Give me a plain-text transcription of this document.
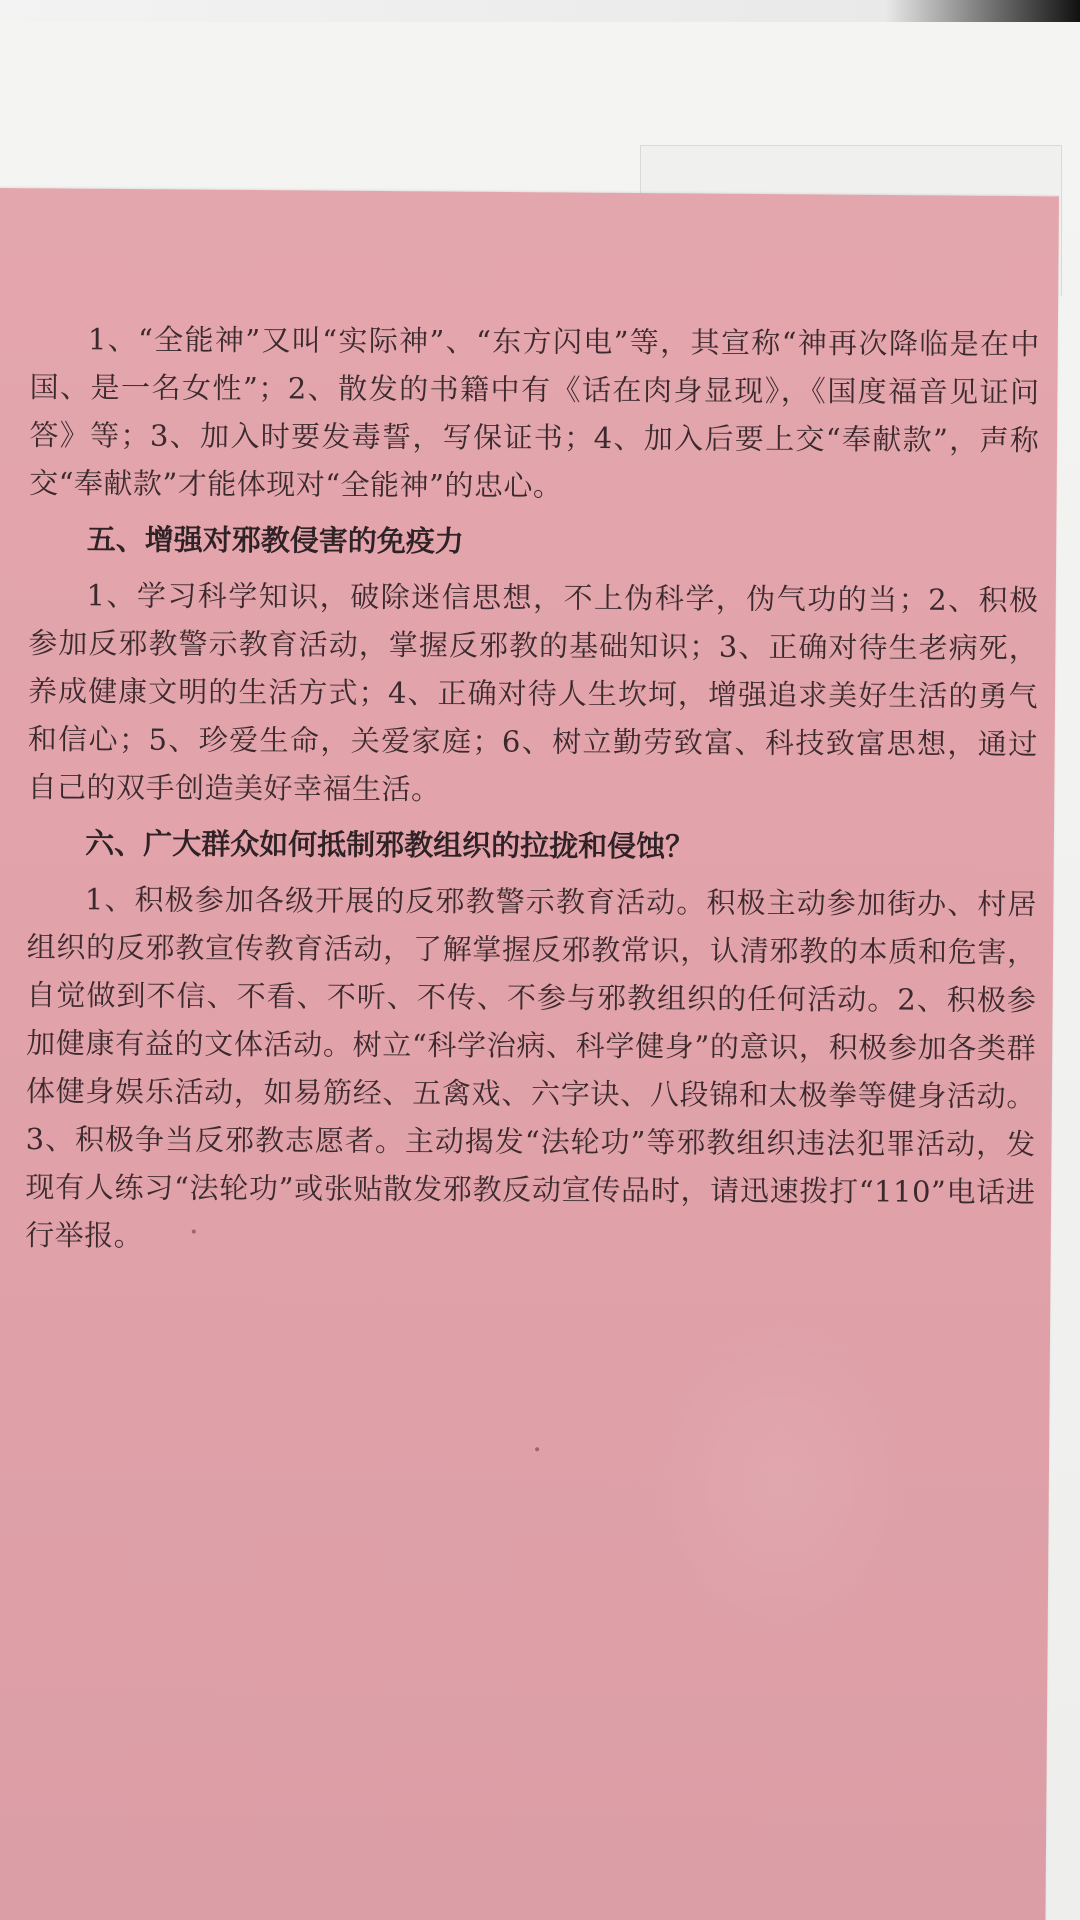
1、“全能神”又叫“实际神”、“东方闪电”等，其宣称“神再次降临是在中国、是一名女性”；2、散发的书籍中有《话在肉身显现》，《国度福音见证问答》等；3、加入时要发毒誓，写保证书；4、加入后要上交“奉献款”，声称交“奉献款”才能体现对“全能神”的忠心。

五、增强对邪教侵害的免疫力

1、学习科学知识，破除迷信思想，不上伪科学，伪气功的当；2、积极参加反邪教警示教育活动，掌握反邪教的基础知识；3、正确对待生老病死，养成健康文明的生活方式；4、正确对待人生坎坷，增强追求美好生活的勇气和信心；5、珍爱生命，关爱家庭；6、树立勤劳致富、科技致富思想，通过自己的双手创造美好幸福生活。

六、广大群众如何抵制邪教组织的拉拢和侵蚀？

1、积极参加各级开展的反邪教警示教育活动。积极主动参加街办、村居组织的反邪教宣传教育活动，了解掌握反邪教常识，认清邪教的本质和危害，自觉做到不信、不看、不听、不传、不参与邪教组织的任何活动。2、积极参加健康有益的文体活动。树立“科学治病、科学健身”的意识，积极参加各类群体健身娱乐活动，如易筋经、五禽戏、六字诀、八段锦和太极拳等健身活动。3、积极争当反邪教志愿者。主动揭发“法轮功”等邪教组织违法犯罪活动，发现有人练习“法轮功”或张贴散发邪教反动宣传品时，请迅速拨打“110”电话进行举报。
